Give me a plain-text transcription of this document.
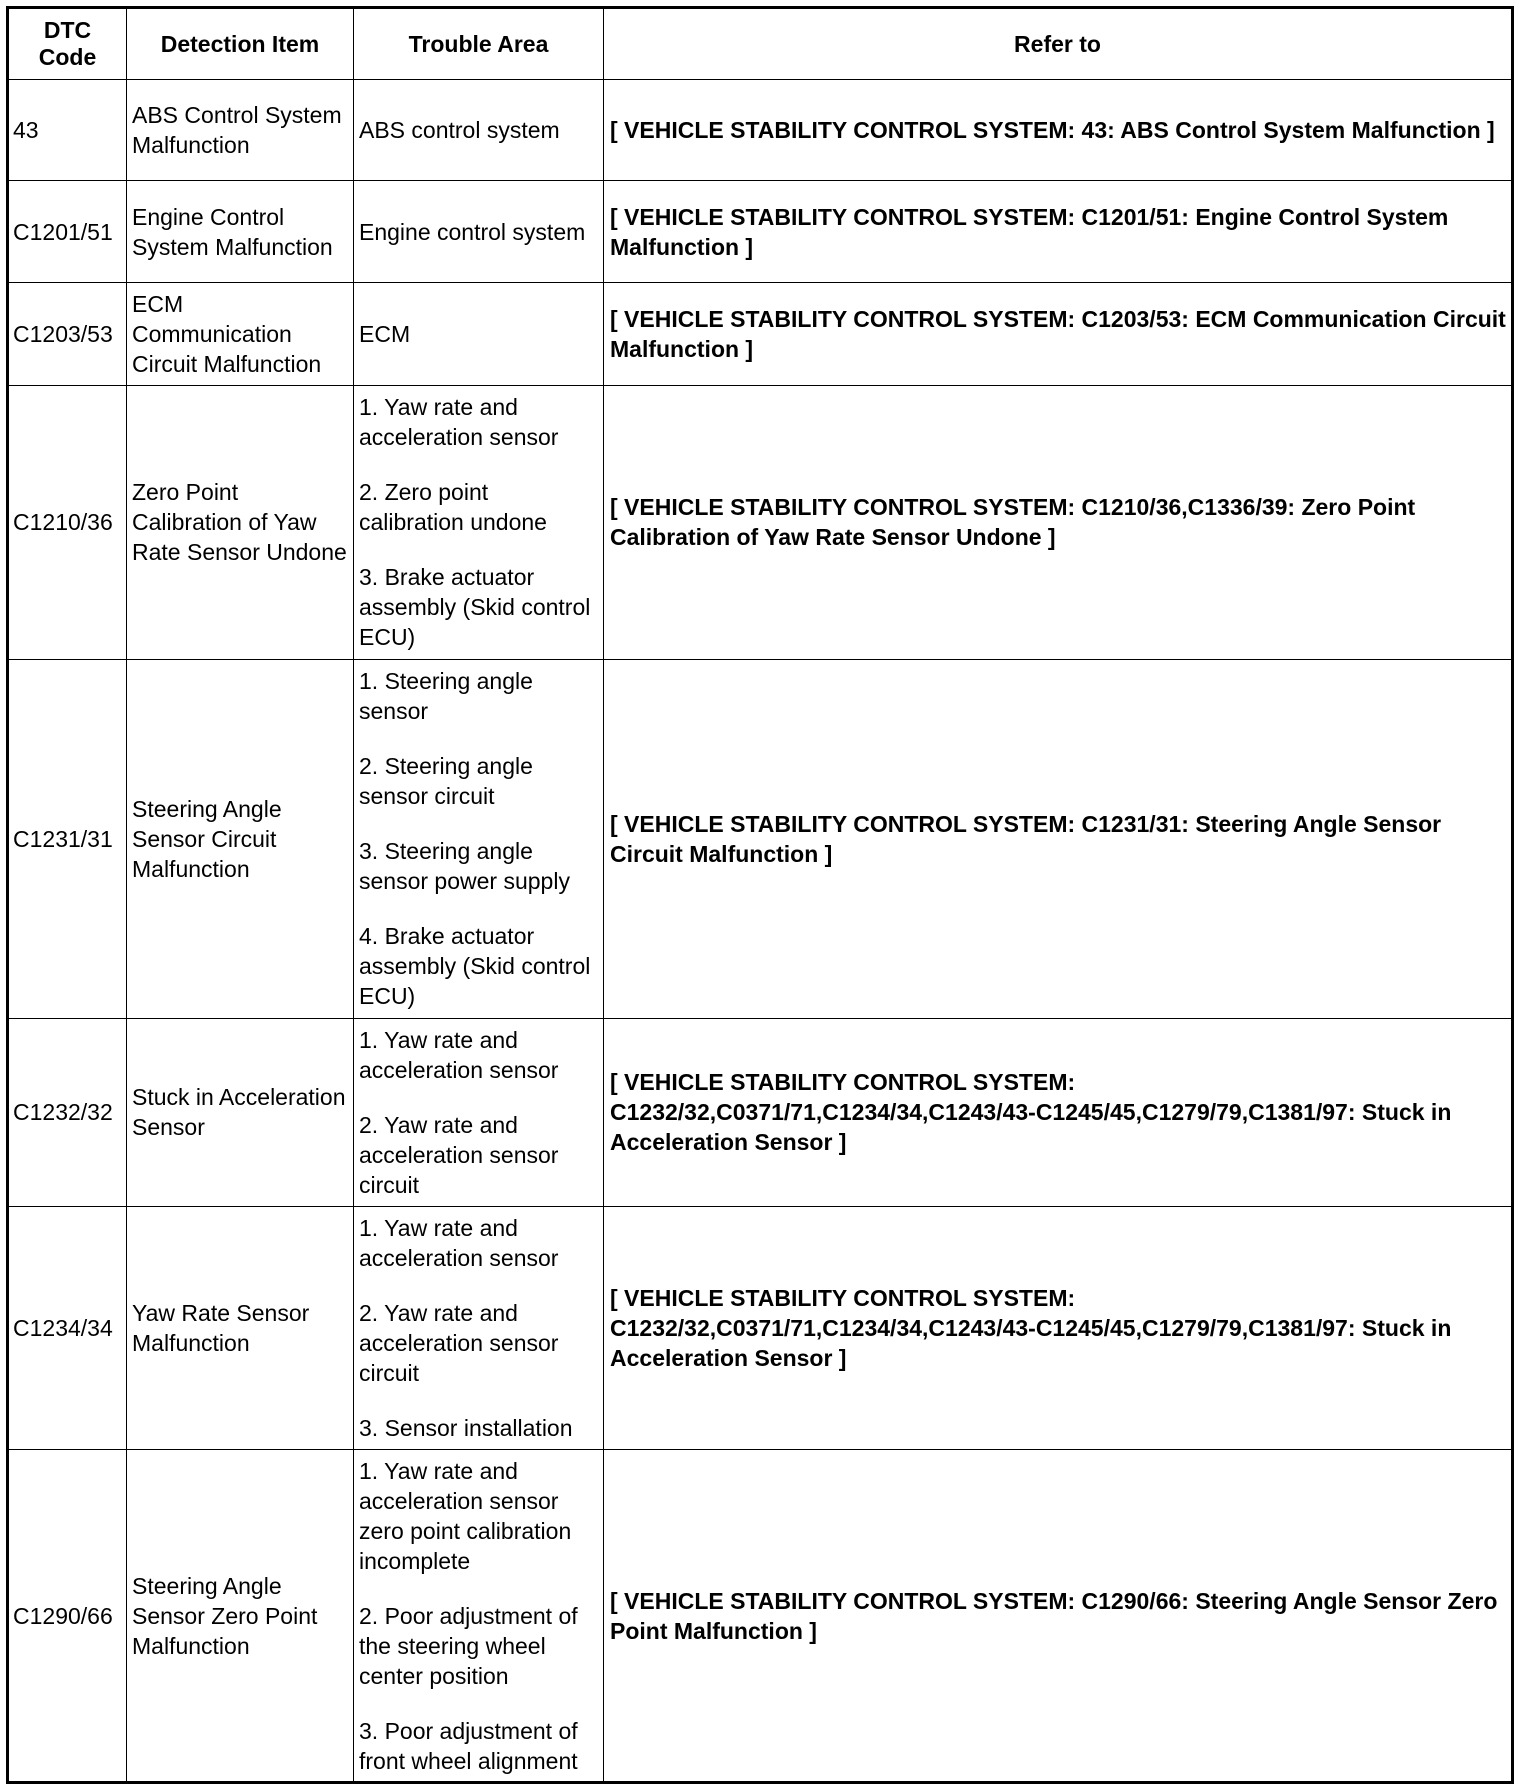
DTC Code	Detection Item	Trouble Area	Refer to
43	ABS Control System Malfunction	ABS control system	[ VEHICLE STABILITY CONTROL SYSTEM: 43: ABS Control System Malfunction ]
C1201/51	Engine Control System Malfunction	Engine control system	[ VEHICLE STABILITY CONTROL SYSTEM: C1201/51: Engine Control System Malfunction ]
C1203/53	ECM Communication Circuit Malfunction	ECM	[ VEHICLE STABILITY CONTROL SYSTEM: C1203/53: ECM Communication Circuit Malfunction ]
C1210/36	Zero Point Calibration of Yaw Rate Sensor Undone	1. Yaw rate and acceleration sensor

2. Zero point calibration undone

3. Brake actuator assembly (Skid control ECU)	[ VEHICLE STABILITY CONTROL SYSTEM: C1210/36,C1336/39: Zero Point Calibration of Yaw Rate Sensor Undone ]
C1231/31	Steering Angle Sensor Circuit Malfunction	1. Steering angle sensor

2. Steering angle sensor circuit

3. Steering angle sensor power supply

4. Brake actuator assembly (Skid control ECU)	[ VEHICLE STABILITY CONTROL SYSTEM: C1231/31: Steering Angle Sensor Circuit Malfunction ]
C1232/32	Stuck in Acceleration Sensor	1. Yaw rate and acceleration sensor

2. Yaw rate and acceleration sensor circuit	[ VEHICLE STABILITY CONTROL SYSTEM: C1232/32,C0371/71,C1234/34,C1243/43-C1245/45,C1279/79,C1381/97: Stuck in Acceleration Sensor ]
C1234/34	Yaw Rate Sensor Malfunction	1. Yaw rate and acceleration sensor

2. Yaw rate and acceleration sensor circuit

3. Sensor installation	[ VEHICLE STABILITY CONTROL SYSTEM: C1232/32,C0371/71,C1234/34,C1243/43-C1245/45,C1279/79,C1381/97: Stuck in Acceleration Sensor ]
C1290/66	Steering Angle Sensor Zero Point Malfunction	1. Yaw rate and acceleration sensor zero point calibration incomplete

2. Poor adjustment of the steering wheel center position

3. Poor adjustment of front wheel alignment	[ VEHICLE STABILITY CONTROL SYSTEM: C1290/66: Steering Angle Sensor Zero Point Malfunction ]
